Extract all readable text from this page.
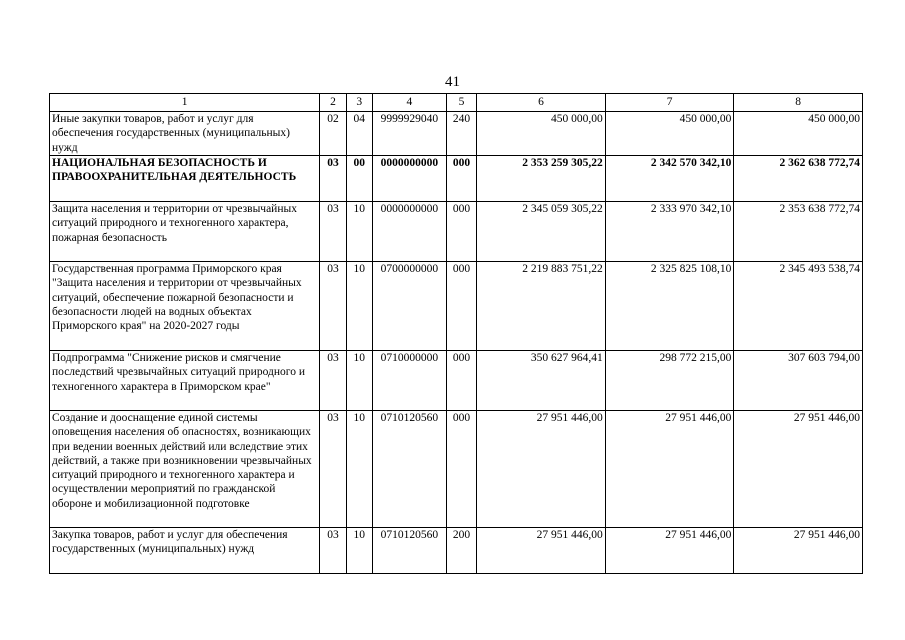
41
1	2	3	4	5	6	7	8
Иные закупки товаров, работ и услуг для обеспечения государственных (муниципальных) нужд	02	04	9999929040	240	450 000,00	450 000,00	450 000,00
НАЦИОНАЛЬНАЯ БЕЗОПАСНОСТЬ И ПРАВООХРАНИТЕЛЬНАЯ ДЕЯТЕЛЬНОСТЬ	03	00	0000000000	000	2 353 259 305,22	2 342 570 342,10	2 362 638 772,74
Защита населения и территории от чрезвычайных ситуаций природного и техногенного характера, пожарная безопасность	03	10	0000000000	000	2 345 059 305,22	2 333 970 342,10	2 353 638 772,74
Государственная программа Приморского края "Защита населения и территории от чрезвычайных ситуаций, обеспечение пожарной безопасности и безопасности людей на водных объектах Приморского края" на 2020-2027 годы	03	10	0700000000	000	2 219 883 751,22	2 325 825 108,10	2 345 493 538,74
Подпрограмма "Снижение рисков и смягчение последствий чрезвычайных ситуаций природного и техногенного характера в Приморском крае"	03	10	0710000000	000	350 627 964,41	298 772 215,00	307 603 794,00
Создание и дооснащение единой системы оповещения населения об опасностях, возникающих при ведении военных действий или вследствие этих действий, а также при возникновении чрезвычайных ситуаций природного и техногенного характера и осуществлении мероприятий по гражданской обороне и мобилизационной подготовке	03	10	0710120560	000	27 951 446,00	27 951 446,00	27 951 446,00
Закупка товаров, работ и услуг для обеспечения государственных (муниципальных) нужд	03	10	0710120560	200	27 951 446,00	27 951 446,00	27 951 446,00
